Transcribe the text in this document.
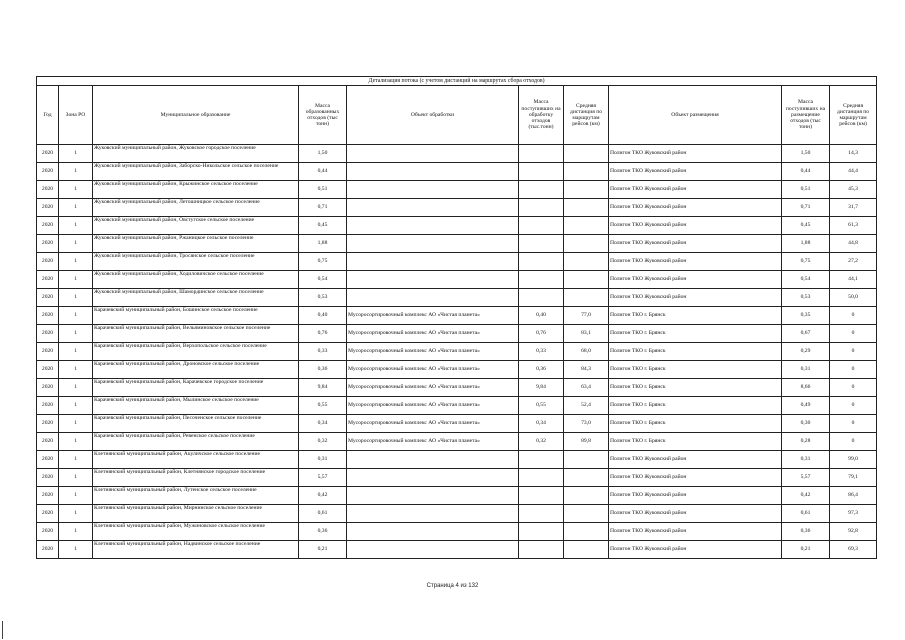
Детализация потока (с учетом дистанций на маршрутах сбора отходов)									
Год	Зона РО	Муниципальное образование	Масса образованных отходов (тыс тонн)	Объект обработки	Масса поступивших на обработку отходов (тыс.тонн)	Средняя дистанция по маршрутам рейсов (км)	Объект размещения	Масса поступивших на размещение отходов (тыс тонн)	Средняя дистанция по маршрутам рейсов (км)
2020	1	Жуковский муниципальный район, Жуковское городское поселение	1,50				Полигон ТКО Жуковский район	1,50	14,3
2020	1	Жуковский муниципальный район, Заборско-Никольское сельское поселение	0,44				Полигон ТКО Жуковский район	0,44	44,4
2020	1	Жуковский муниципальный район, Крыжинское сельское поселение	0,51				Полигон ТКО Жуковский район	0,51	45,3
2020	1	Жуковский муниципальный район, Летошницкое сельское поселение	0,71				Полигон ТКО Жуковский район	0,71	31,7
2020	1	Жуковский муниципальный район, Овстугское сельское поселение	0,45				Полигон ТКО Жуковский район	0,45	61,3
2020	1	Жуковский муниципальный район, Ржаницкое сельское поселение	1,88				Полигон ТКО Жуковский район	1,88	44,8
2020	1	Жуковский муниципальный район, Тросянское сельское поселение	0,75				Полигон ТКО Жуковский район	0,75	27,2
2020	1	Жуковский муниципальный район, Ходиловичское сельское поселение	0,54				Полигон ТКО Жуковский район	0,54	44,1
2020	1	Жуковский муниципальный район, Шамординское сельское поселение	0,53				Полигон ТКО Жуковский район	0,53	50,0
2020	1	Карачевский муниципальный район, Бошинское сельское поселение	0,40	Мусоросортировочный комплекс АО «Чистая планета»	0,40	77,0	Полигон ТКО г. Брянск	0,35	0
2020	1	Карачевский муниципальный район, Вельяминовское сельское поселение	0,76	Мусоросортировочный комплекс АО «Чистая планета»	0,76	83,1	Полигон ТКО г. Брянск	0,67	0
2020	1	Карачевский муниципальный район, Верхопольское сельское поселение	0,33	Мусоросортировочный комплекс АО «Чистая планета»	0,33	68,0	Полигон ТКО г. Брянск	0,29	0
2020	1	Карачевский муниципальный район, Дроновское сельское поселение	0,36	Мусоросортировочный комплекс АО «Чистая планета»	0,36	84,3	Полигон ТКО г. Брянск	0,31	0
2020	1	Карачевский муниципальный район, Карачевское городское поселение	9,84	Мусоросортировочный комплекс АО «Чистая планета»	9,84	63,4	Полигон ТКО г. Брянск	8,66	0
2020	1	Карачевский муниципальный район, Мылинское сельское поселение	0,55	Мусоросортировочный комплекс АО «Чистая планета»	0,55	52,4	Полигон ТКО г. Брянск	0,49	0
2020	1	Карачевский муниципальный район, Песоченское сельское поселение	0,34	Мусоросортировочный комплекс АО «Чистая планета»	0,34	73,0	Полигон ТКО г. Брянск	0,30	0
2020	1	Карачевский муниципальный район, Ревенское сельское поселение	0,32	Мусоросортировочный комплекс АО «Чистая планета»	0,32	89,8	Полигон ТКО г. Брянск	0,28	0
2020	1	Клетнянский муниципальный район, Акуличское сельское поселение	0,31				Полигон ТКО Жуковский район	0,31	99,0
2020	1	Клетнянский муниципальный район, Клетнянское городское поселение	5,57				Полигон ТКО Жуковский район	5,57	79,1
2020	1	Клетнянский муниципальный район, Лутенское сельское поселение	0,42				Полигон ТКО Жуковский район	0,42	86,4
2020	1	Клетнянский муниципальный район, Мирнинское сельское поселение	0,61				Полигон ТКО Жуковский район	0,61	97,3
2020	1	Клетнянский муниципальный район, Мужиновское сельское поселение	0,36				Полигон ТКО Жуковский район	0,36	92,8
2020	1	Клетнянский муниципальный район, Надвинское сельское поселение	0,21				Полигон ТКО Жуковский район	0,21	69,3
Страница 4 из 132
